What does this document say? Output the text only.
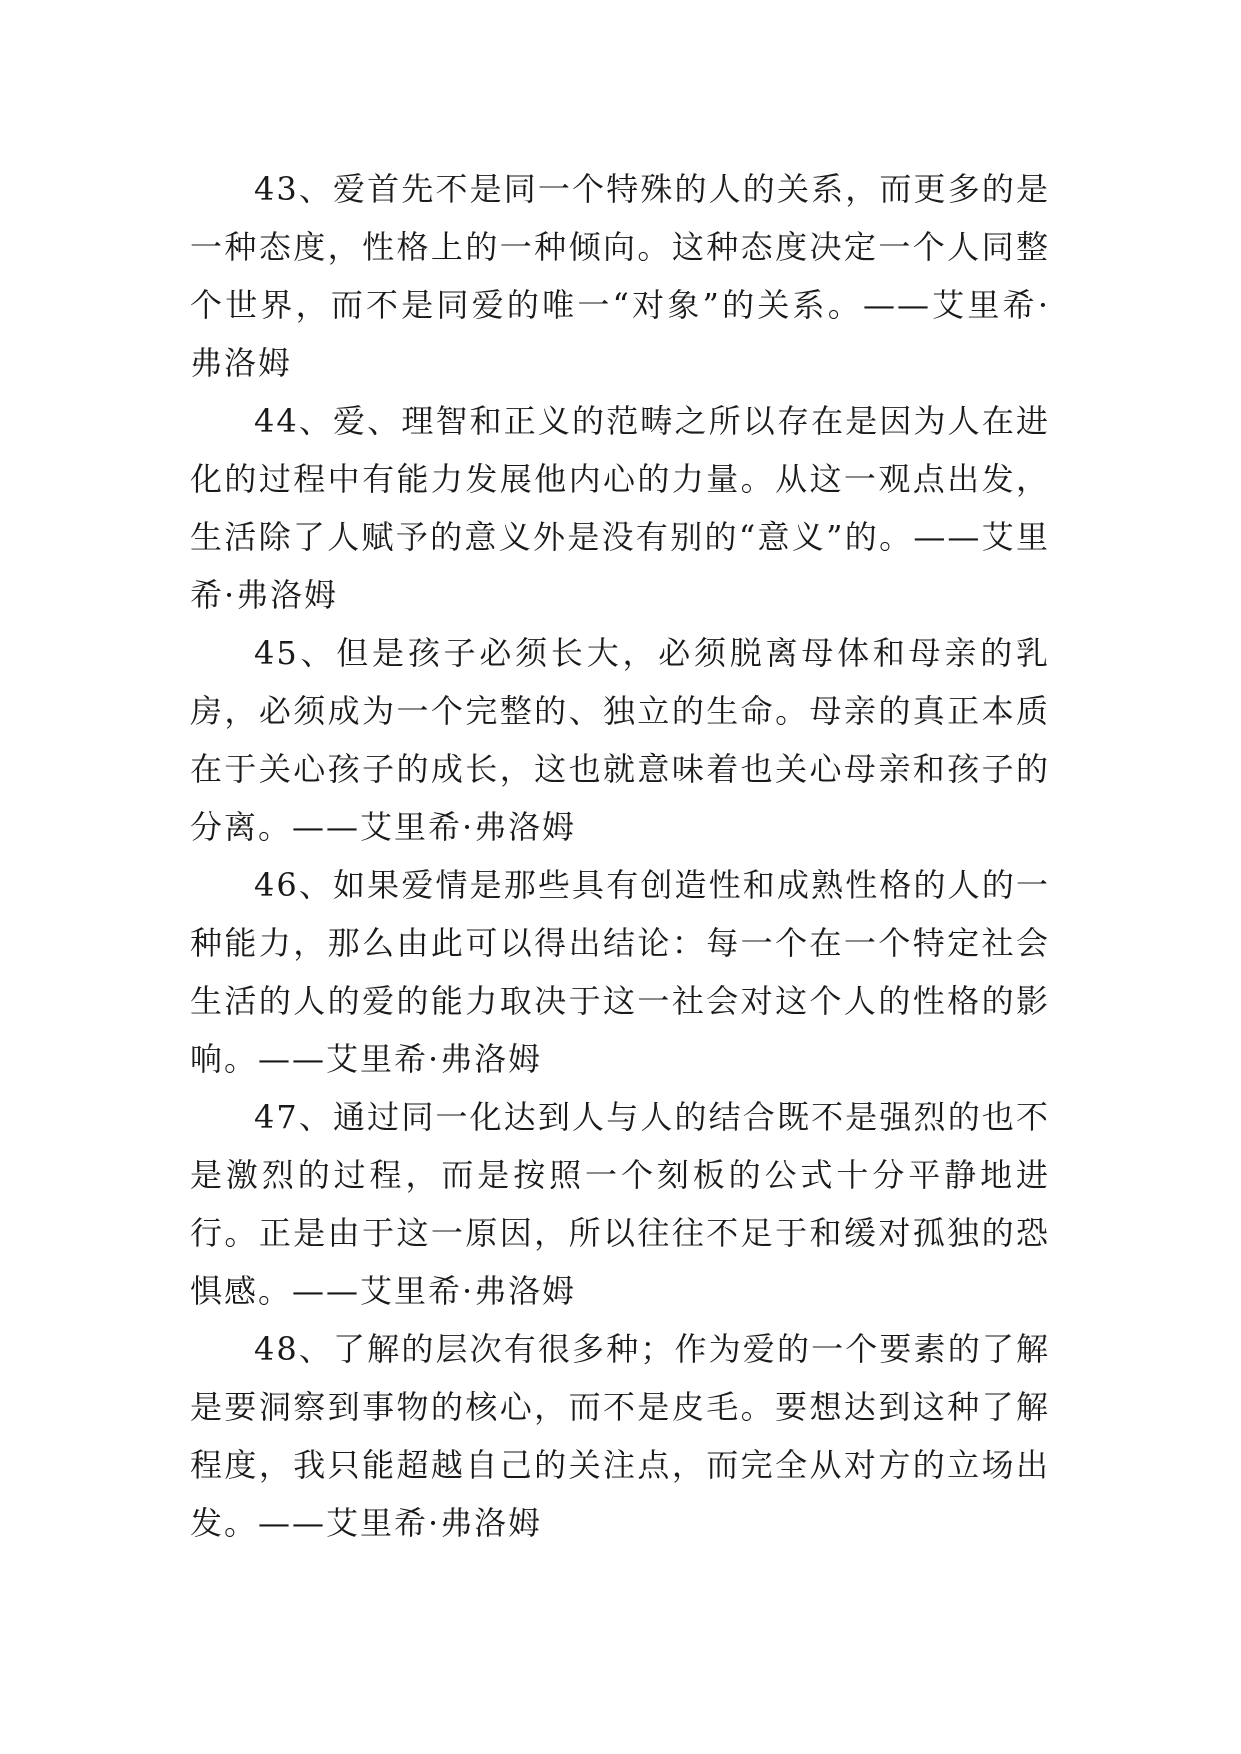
43、爱首先不是同一个特殊的人的关系，而更多的是一种态度，性格上的一种倾向。这种态度决定一个人同整个世界，而不是同爱的唯一“对象”的关系。——艾里希·弗洛姆

44、爱、理智和正义的范畴之所以存在是因为人在进化的过程中有能力发展他内心的力量。从这一观点出发，生活除了人赋予的意义外是没有别的“意义”的。——艾里希·弗洛姆

45、但是孩子必须长大，必须脱离母体和母亲的乳房，必须成为一个完整的、独立的生命。母亲的真正本质在于关心孩子的成长，这也就意味着也关心母亲和孩子的分离。——艾里希·弗洛姆

46、如果爱情是那些具有创造性和成熟性格的人的一种能力，那么由此可以得出结论：每一个在一个特定社会生活的人的爱的能力取决于这一社会对这个人的性格的影响。——艾里希·弗洛姆

47、通过同一化达到人与人的结合既不是强烈的也不是激烈的过程，而是按照一个刻板的公式十分平静地进行。正是由于这一原因，所以往往不足于和缓对孤独的恐惧感。——艾里希·弗洛姆

48、了解的层次有很多种；作为爱的一个要素的了解是要洞察到事物的核心，而不是皮毛。要想达到这种了解程度，我只能超越自己的关注点，而完全从对方的立场出发。——艾里希·弗洛姆
